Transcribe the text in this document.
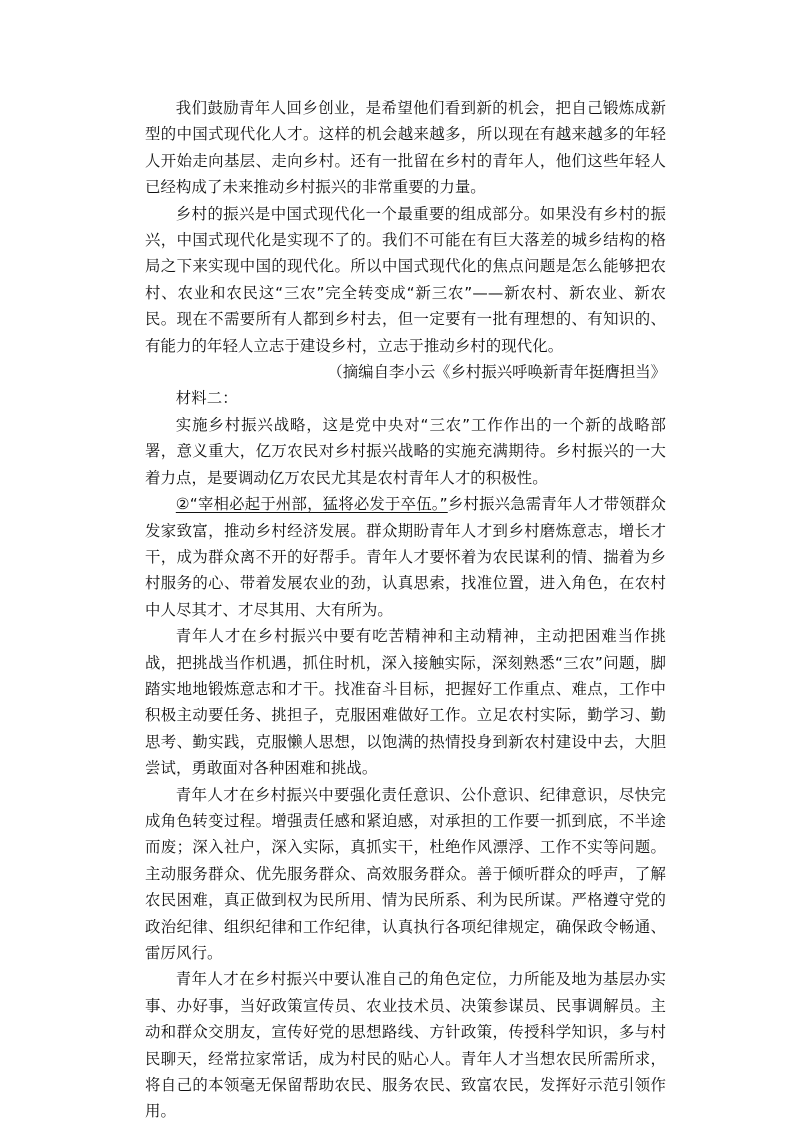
我们鼓励青年人回乡创业，是希望他们看到新的机会，把自己锻炼成新型的中国式现代化人才。这样的机会越来越多，所以现在有越来越多的年轻人开始走向基层、走向乡村。还有一批留在乡村的青年人，他们这些年轻人已经构成了未来推动乡村振兴的非常重要的力量。

乡村的振兴是中国式现代化一个最重要的组成部分。如果没有乡村的振兴，中国式现代化是实现不了的。我们不可能在有巨大落差的城乡结构的格局之下来实现中国的现代化。所以中国式现代化的焦点问题是怎么能够把农村、农业和农民这“三农”完全转变成“新三农”——新农村、新农业、新农民。现在不需要所有人都到乡村去，但一定要有一批有理想的、有知识的、有能力的年轻人立志于建设乡村，立志于推动乡村的现代化。

（摘编自李小云《乡村振兴呼唤新青年挺膺担当》

材料二：

实施乡村振兴战略，这是党中央对“三农”工作作出的一个新的战略部署，意义重大，亿万农民对乡村振兴战略的实施充满期待。乡村振兴的一大着力点，是要调动亿万农民尤其是农村青年人才的积极性。

②“宰相必起于州部，猛将必发于卒伍。”乡村振兴急需青年人才带领群众发家致富，推动乡村经济发展。群众期盼青年人才到乡村磨炼意志，增长才干，成为群众离不开的好帮手。青年人才要怀着为农民谋利的情、揣着为乡村服务的心、带着发展农业的劲，认真思索，找准位置，进入角色，在农村中人尽其才、才尽其用、大有所为。

青年人才在乡村振兴中要有吃苦精神和主动精神，主动把困难当作挑战，把挑战当作机遇，抓住时机，深入接触实际，深刻熟悉“三农”问题，脚踏实地地锻炼意志和才干。找准奋斗目标，把握好工作重点、难点，工作中积极主动要任务、挑担子，克服困难做好工作。立足农村实际，勤学习、勤思考、勤实践，克服懒人思想，以饱满的热情投身到新农村建设中去，大胆尝试，勇敢面对各种困难和挑战。

青年人才在乡村振兴中要强化责任意识、公仆意识、纪律意识，尽快完成角色转变过程。增强责任感和紧迫感，对承担的工作要一抓到底，不半途而废；深入社户，深入实际，真抓实干，杜绝作风漂浮、工作不实等问题。主动服务群众、优先服务群众、高效服务群众。善于倾听群众的呼声，了解农民困难，真正做到权为民所用、情为民所系、利为民所谋。严格遵守党的政治纪律、组织纪律和工作纪律，认真执行各项纪律规定，确保政令畅通、雷厉风行。

青年人才在乡村振兴中要认准自己的角色定位，力所能及地为基层办实事、办好事，当好政策宣传员、农业技术员、决策参谋员、民事调解员。主动和群众交朋友，宣传好党的思想路线、方针政策，传授科学知识，多与村民聊天，经常拉家常话，成为村民的贴心人。青年人才当想农民所需所求，将自己的本领毫无保留帮助农民、服务农民、致富农民，发挥好示范引领作用。
